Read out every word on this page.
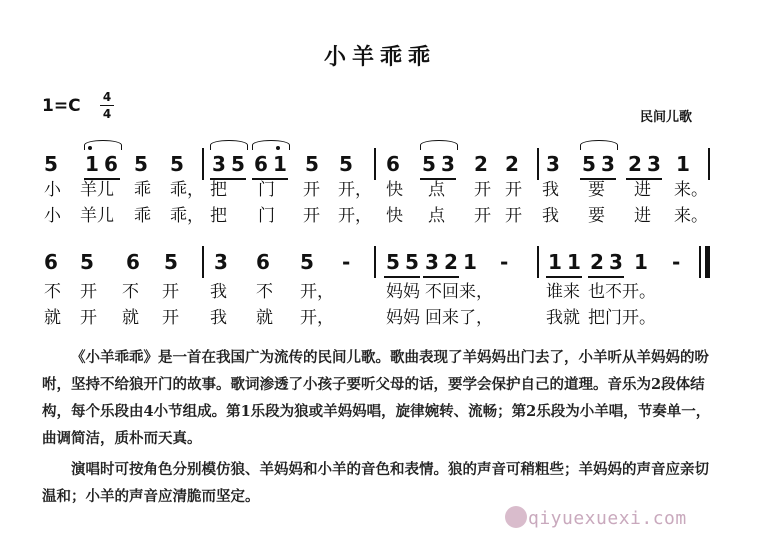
小羊乖乖
1=C 4
4	民间儿歌
5 1 6 5 5 3 5 6 1 5 5 6 5 3 2 2 3 5 3 2 3 1
小 羊儿 乖 乖， 把 门 开 开， 快 点 开 开 我 要 进 来。
小 羊儿 乖 乖， 把 门 开 开， 快 点 开 开 我 要 进 来。
6 5 6 5 3 6 5 - 5 5 3 2 1 - 1 1 2 3 1 -
不 开 不 开 我 不 开，	妈妈 不回来，	谁来 也不开。
就 开 就 开 我 就 开，	妈妈 回来了，	我就 把门开。

《小羊乖乖》是一首在我国广为流传的民间儿歌。歌曲表现了羊妈妈出门去了，小羊听从羊妈妈的吩咐，坚持不给狼开门的故事。歌词渗透了小孩子要听父母的话，要学会保护自己的道理。音乐为2段体结构，每个乐段由4小节组成。第1乐段为狼或羊妈妈唱，旋律婉转、流畅；第2乐段为小羊唱，节奏单一，曲调简洁，质朴而天真。

演唱时可按角色分别模仿狼、羊妈妈和小羊的音色和表情。狼的声音可稍粗些；羊妈妈的声音应亲切温和；小羊的声音应清脆而坚定。

qiyuexuexi.com
